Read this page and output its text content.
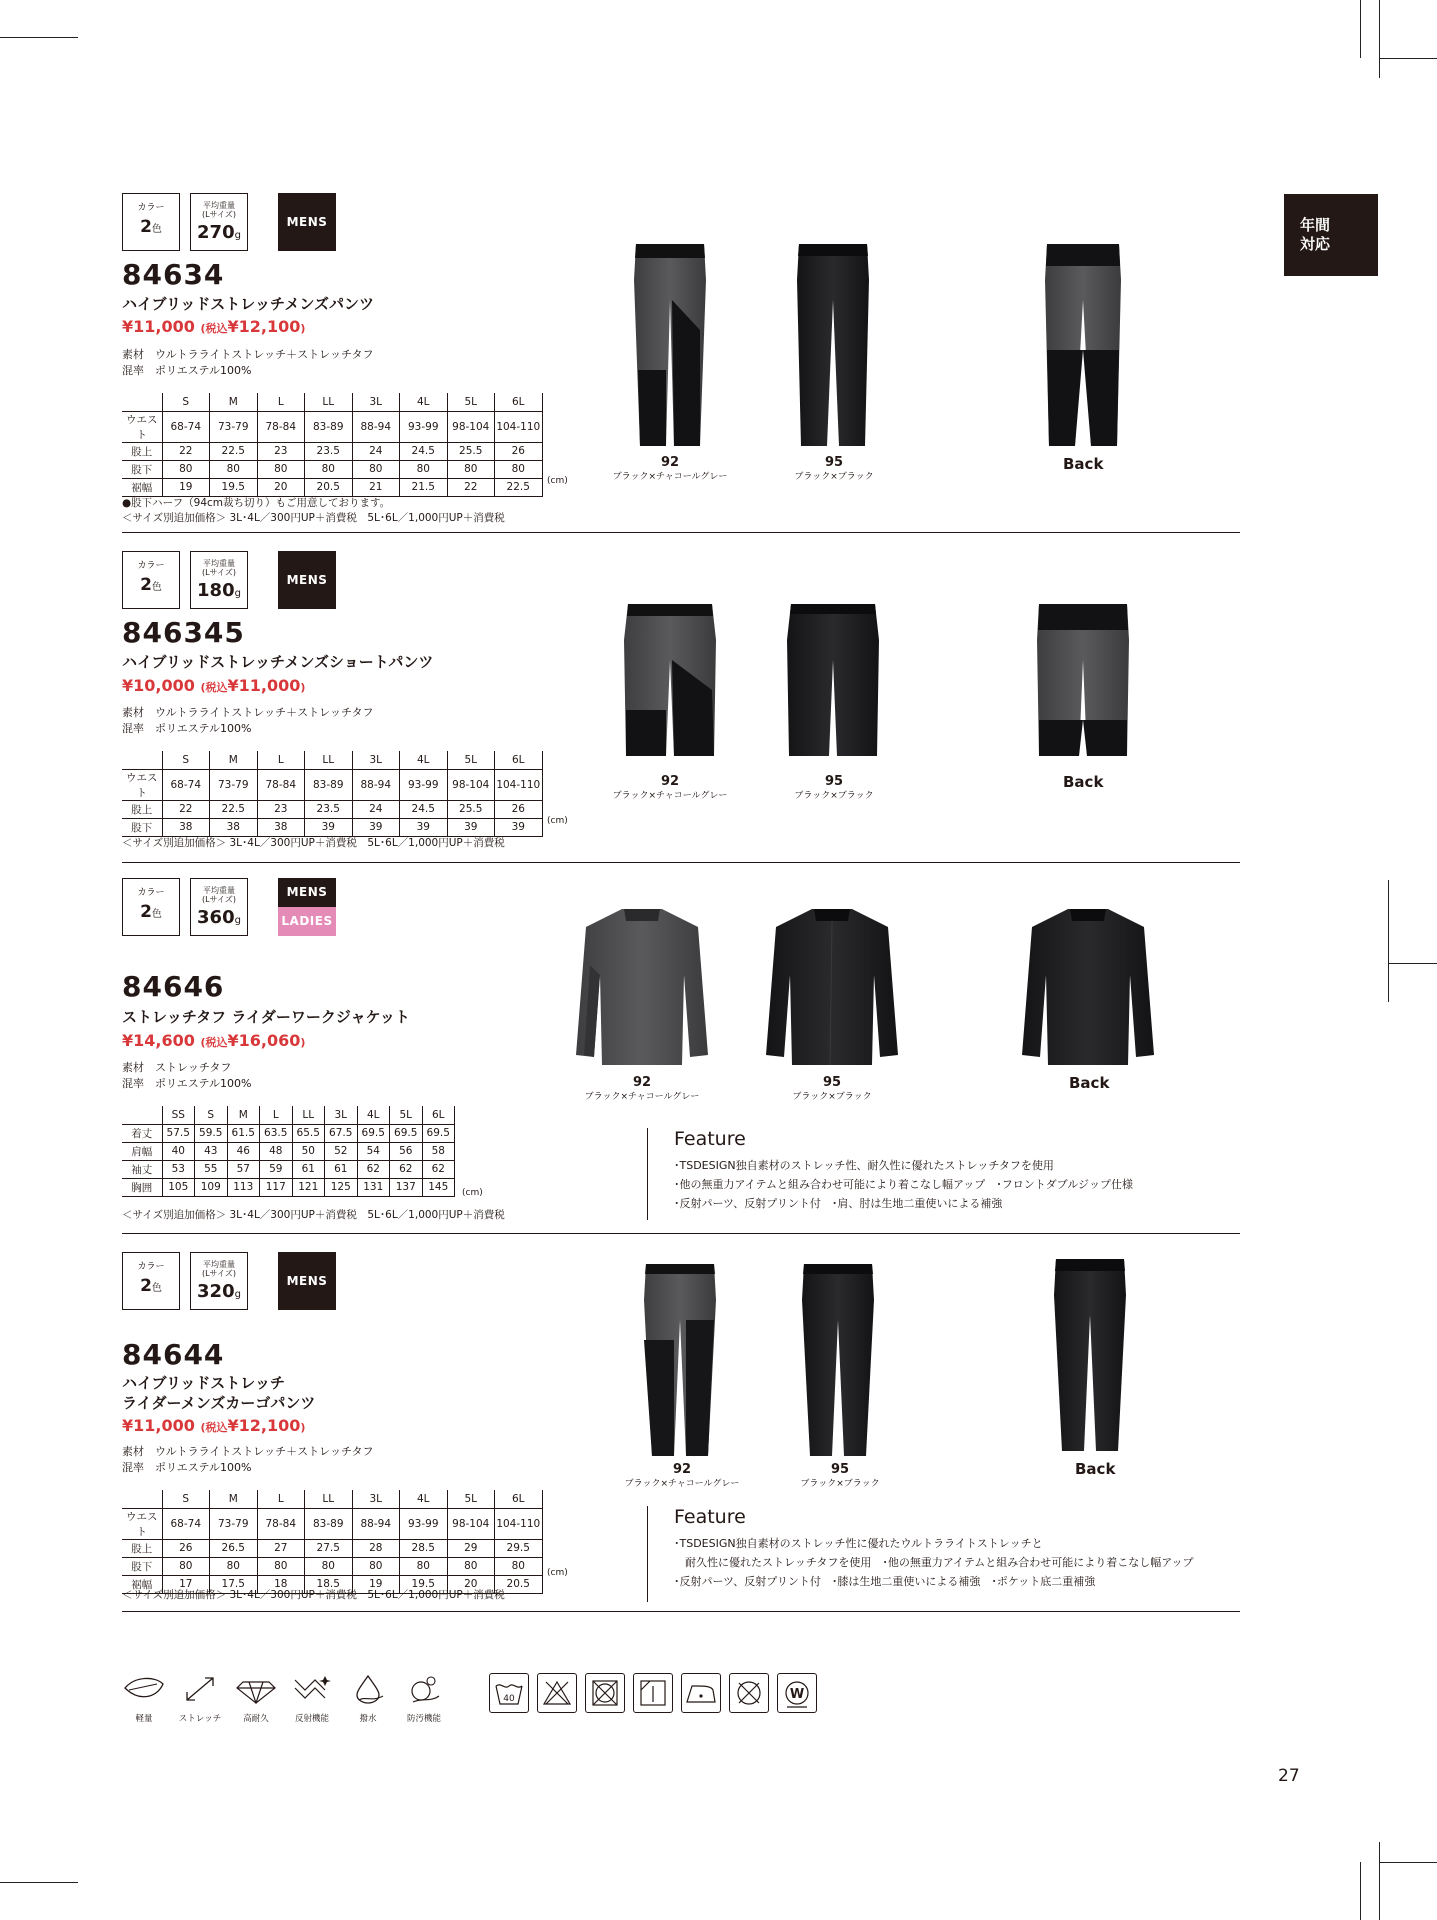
年間
対応
カラー
2色
平均重量
(Lサイズ)
270g
MENS
84634
ハイブリッドストレッチメンズパンツ
¥11,000 (税込¥12,100)
素材　ウルトラライトストレッチ＋ストレッチタフ
混率　ポリエステル100%
	S	M	L	LL	3L	4L	5L	6L
ウエスト	68-74	73-79	78-84	83-89	88-94	93-99	98-104	104-110
股上	22	22.5	23	23.5	24	24.5	25.5	26
股下	80	80	80	80	80	80	80	80
裾幅	19	19.5	20	20.5	21	21.5	22	22.5 (cm)
●股下ハーフ（94cm裁ち切り）もご用意しております。
＜サイズ別追加価格＞ 3L･4L／300円UP＋消費税　5L･6L／1,000円UP＋消費税
92
ブラック×チャコールグレー
95
ブラック×ブラック
Back
カラー
2色
平均重量
(Lサイズ)
180g
MENS
846345
ハイブリッドストレッチメンズショートパンツ
¥10,000 (税込¥11,000)
素材　ウルトラライトストレッチ＋ストレッチタフ
混率　ポリエステル100%
	S	M	L	LL	3L	4L	5L	6L
ウエスト	68-74	73-79	78-84	83-89	88-94	93-99	98-104	104-110
股上	22	22.5	23	23.5	24	24.5	25.5	26
股下	38	38	38	39	39	39	39	39 (cm)
＜サイズ別追加価格＞ 3L･4L／300円UP＋消費税　5L･6L／1,000円UP＋消費税
92
ブラック×チャコールグレー
95
ブラック×ブラック
Back
カラー
2色
平均重量
(Lサイズ)
360g
MENS
LADIES
84646
ストレッチタフ ライダーワークジャケット
¥14,600 (税込¥16,060)
素材　ストレッチタフ
混率　ポリエステル100%
	SS	S	M	L	LL	3L	4L	5L	6L
着丈	57.5	59.5	61.5	63.5	65.5	67.5	69.5	69.5	69.5
肩幅	40	43	46	48	50	52	54	56	58
袖丈	53	55	57	59	61	61	62	62	62
胸囲	105	109	113	117	121	125	131	137	145 (cm)
＜サイズ別追加価格＞ 3L･4L／300円UP＋消費税　5L･6L／1,000円UP＋消費税
92
ブラック×チャコールグレー
95
ブラック×ブラック
Back
Feature
･TSDESIGN独自素材のストレッチ性、耐久性に優れたストレッチタフを使用
･他の無重力アイテムと組み合わせ可能により着こなし幅アップ　･フロントダブルジップ仕様
･反射パーツ、反射プリント付　･肩、肘は生地二重使いによる補強
カラー
2色
平均重量
(Lサイズ)
320g
MENS
84644
ハイブリッドストレッチ
ライダーメンズカーゴパンツ
¥11,000 (税込¥12,100)
素材　ウルトラライトストレッチ＋ストレッチタフ
混率　ポリエステル100%
	S	M	L	LL	3L	4L	5L	6L
ウエスト	68-74	73-79	78-84	83-89	88-94	93-99	98-104	104-110
股上	26	26.5	27	27.5	28	28.5	29	29.5
股下	80	80	80	80	80	80	80	80
裾幅	17	17.5	18	18.5	19	19.5	20	20.5
(cm)
＜サイズ別追加価格＞ 3L･4L／300円UP＋消費税　5L･6L／1,000円UP＋消費税
92
ブラック×チャコールグレー
95
ブラック×ブラック
Back
Feature
･TSDESIGN独自素材のストレッチ性に優れたウルトラライトストレッチと
　耐久性に優れたストレッチタフを使用　･他の無重力アイテムと組み合わせ可能により着こなし幅アップ
･反射パーツ、反射プリント付　･膝は生地二重使いによる補強　･ポケット底二重補強
軽量	ストレッチ	高耐久	反射機能	撥水	防汚機能
40	W
27
